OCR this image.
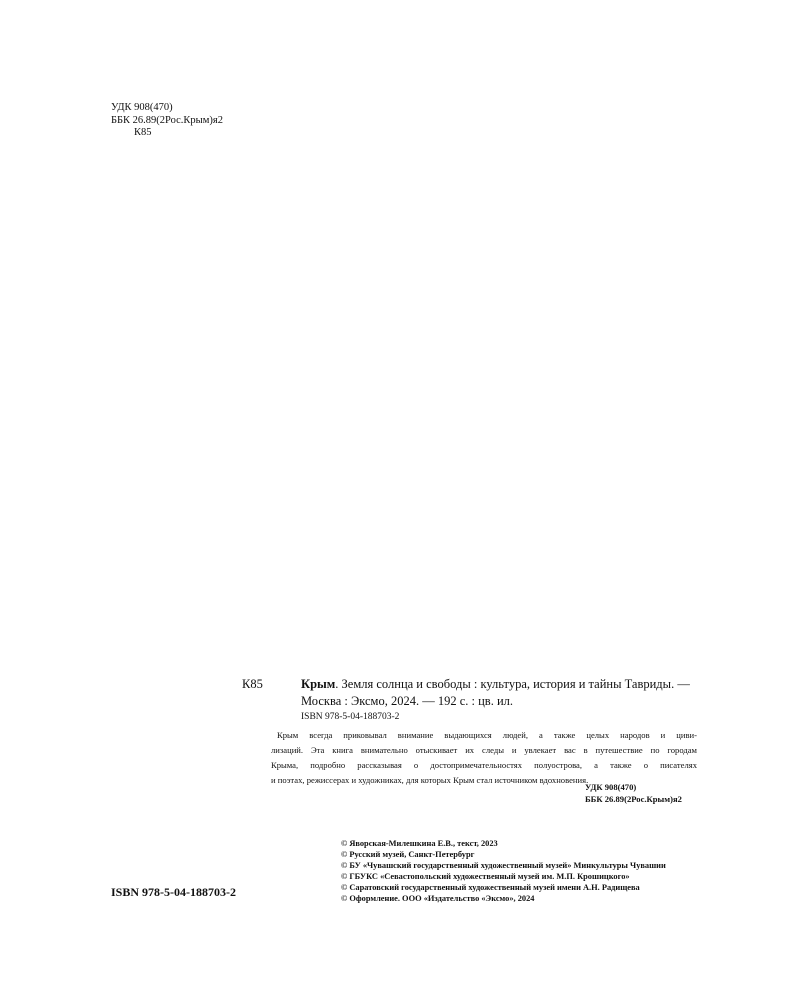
УДК 908(470)
ББК 26.89(2Рос.Крым)я2
К85
К85	Крым. Земля солнца и свободы : культура, история и тайны Тавриды. —
Москва : Эксмо, 2024. — 192 с. : цв. ил.
ISBN 978-5-04-188703-2
Крым всегда приковывал внимание выдающихся людей, а также целых народов и циви-
лизаций. Эта книга внимательно отыскивает их следы и увлекает вас в путешествие по городам
Крыма, подробно рассказывая о достопримечательностях полуострова, а также о писателях
и поэтах, режиссерах и художниках, для которых Крым стал источником вдохновения.
УДК 908(470)
ББК 26.89(2Рос.Крым)я2
© Яворская-Милешкина Е.В., текст, 2023
© Русский музей, Санкт-Петербург
© БУ «Чувашский государственный художественный музей» Минкультуры Чувашии
© ГБУКС «Севастопольский художественный музей им. М.П. Крошицкого»
© Саратовский государственный художественный музей имени А.Н. Радищева
© Оформление. ООО «Издательство «Эксмо», 2024
ISBN 978-5-04-188703-2
